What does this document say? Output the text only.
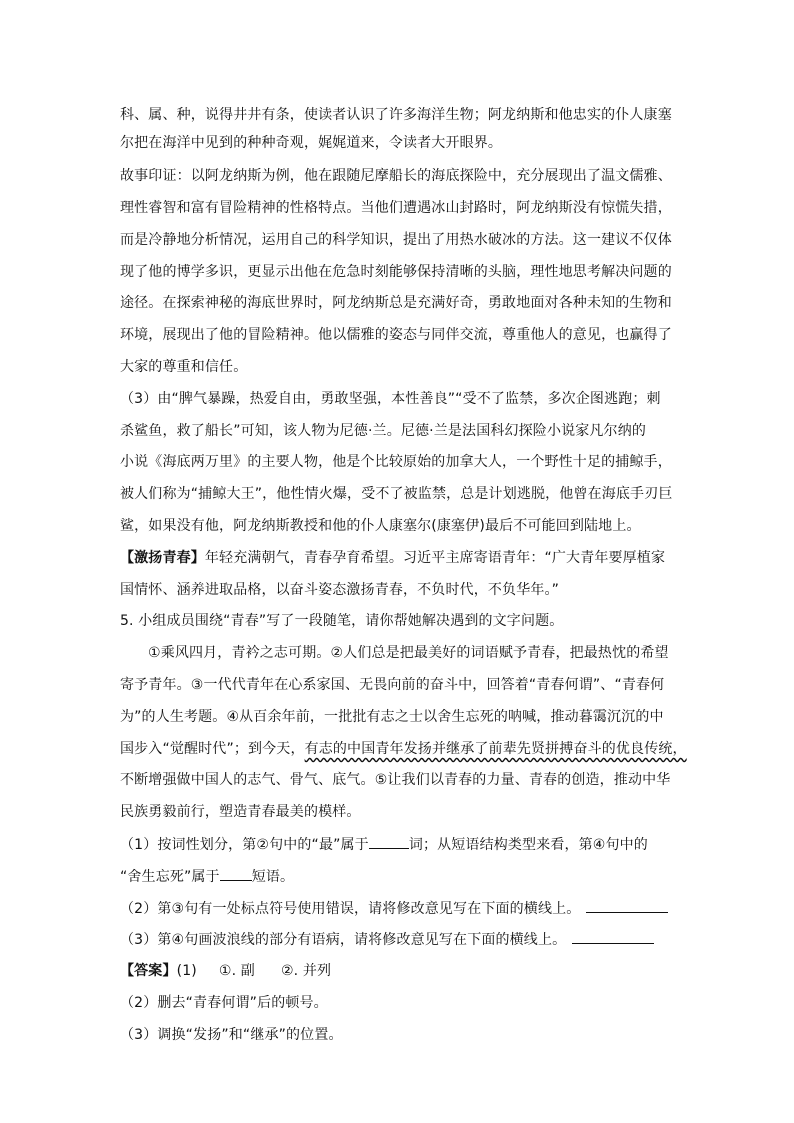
科、属、种，说得井井有条，使读者认识了许多海洋生物；阿龙纳斯和他忠实的仆人康塞
尔把在海洋中见到的种种奇观，娓娓道来，令读者大开眼界。
故事印证：以阿龙纳斯为例，他在跟随尼摩船长的海底探险中，充分展现出了温文儒雅、
理性睿智和富有冒险精神的性格特点。当他们遭遇冰山封路时，阿龙纳斯没有惊慌失措，
而是冷静地分析情况，运用自己的科学知识，提出了用热水破冰的方法。这一建议不仅体
现了他的博学多识，更显示出他在危急时刻能够保持清晰的头脑，理性地思考解决问题的
途径。在探索神秘的海底世界时，阿龙纳斯总是充满好奇，勇敢地面对各种未知的生物和
环境，展现出了他的冒险精神。他以儒雅的姿态与同伴交流，尊重他人的意见，也赢得了
大家的尊重和信任。
（3）由“脾气暴躁，热爱自由，勇敢坚强，本性善良”“受不了监禁，多次企图逃跑；刺
杀鲨鱼，救了船长”可知，该人物为尼德·兰。尼德·兰是法国科幻探险小说家凡尔纳的
小说《海底两万里》的主要人物，他是个比较原始的加拿大人，一个野性十足的捕鲸手，
被人们称为“捕鲸大王”，他性情火爆，受不了被监禁，总是计划逃脱，他曾在海底手刃巨
鲨，如果没有他，阿龙纳斯教授和他的仆人康塞尔(康塞伊)最后不可能回到陆地上。
【激扬青春】年轻充满朝气，青春孕育希望。习近平主席寄语青年：“广大青年要厚植家
国情怀、涵养进取品格，以奋斗姿态激扬青春，不负时代，不负华年。”
5. 小组成员围绕“青春”写了一段随笔，请你帮她解决遇到的文字问题。
①乘风四月，青衿之志可期。②人们总是把最美好的词语赋予青春，把最热忱的希望
寄予青年。③一代代青年在心系家国、无畏向前的奋斗中，回答着“青春何谓”、“青春何
为”的人生考题。④从百余年前，一批批有志之士以舍生忘死的呐喊，推动暮霭沉沉的中
国步入“觉醒时代”；到今天，有志的中国青年发扬并继承了前辈先贤拼搏奋斗的优良传统，
不断增强做中国人的志气、骨气、底气。⑤让我们以青春的力量、青春的创造，推动中华
民族勇毅前行，塑造青春最美的模样。
（1）按词性划分，第②句中的“最”属于	词；从短语结构类型来看，第④句中的
“舍生忘死”属于 短语。
（2）第③句有一处标点符号使用错误，请将修改意见写在下面的横线上。
（3）第④句画波浪线的部分有语病，请将修改意见写在下面的横线上。
【答案】(1) ①. 副 ②. 并列
（2）删去“青春何谓”后的顿号。
（3）调换“发扬”和“继承”的位置。
